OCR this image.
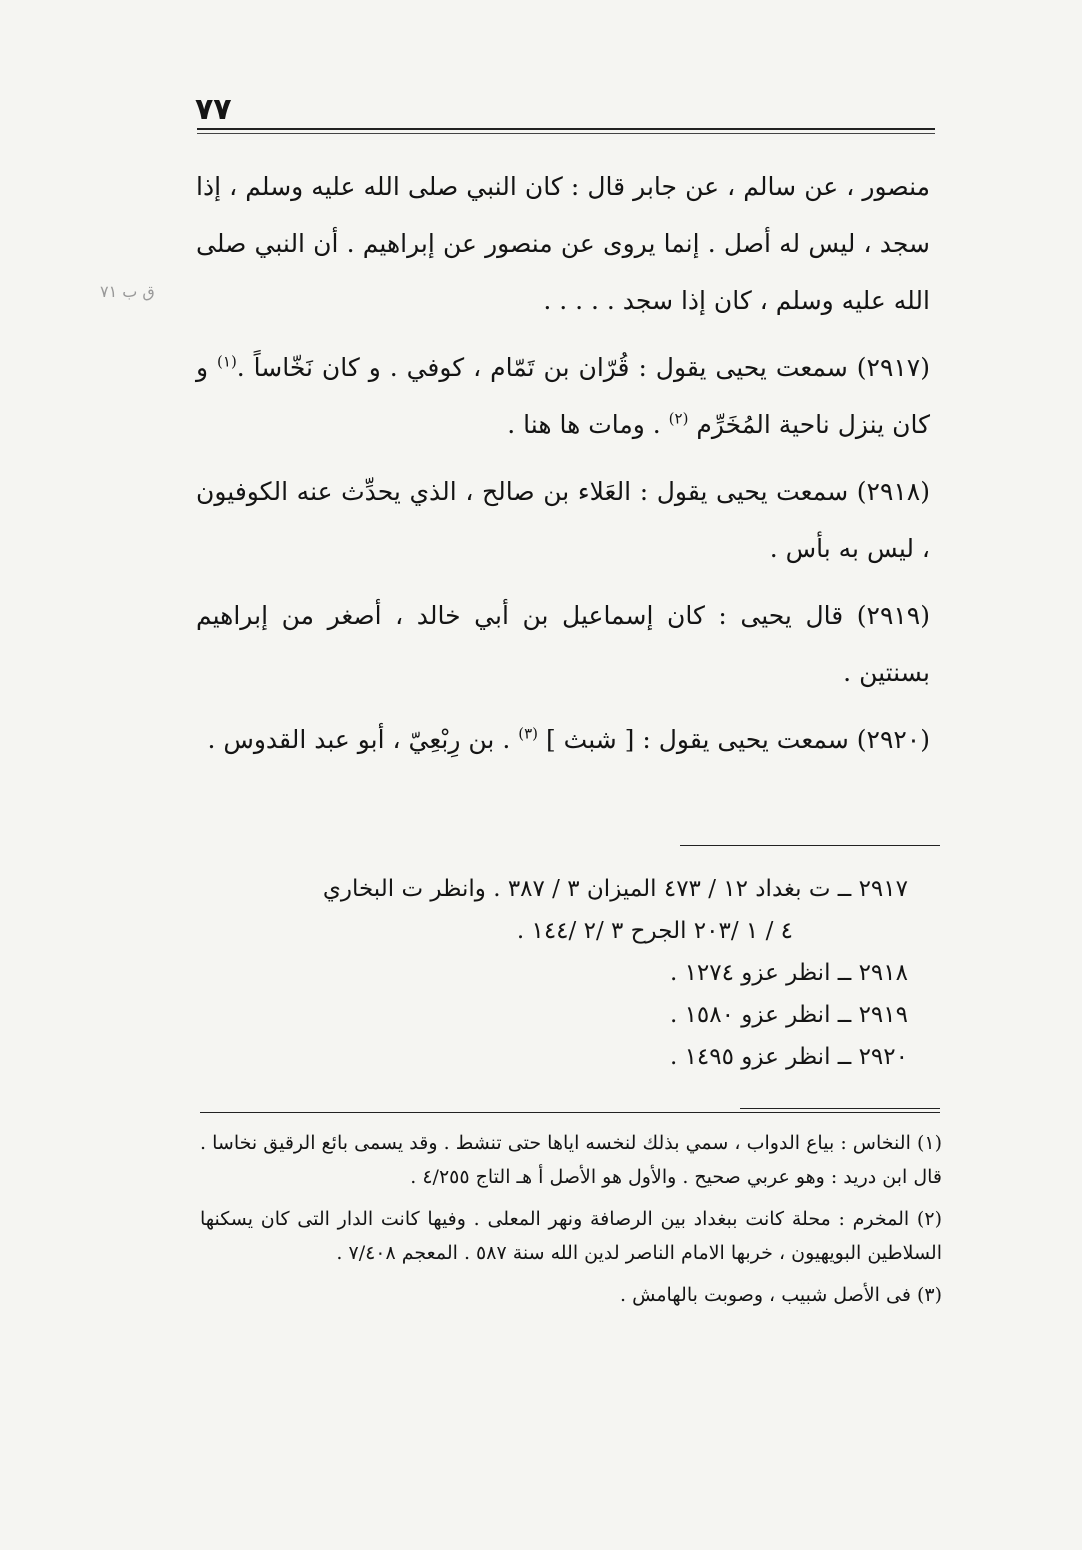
٧٧
ق ب ٧١

منصور ، عن سالم ، عن جابر قال : كان النبي صلى الله عليه وسلم ، إذا سجد ، ليس له أصل . إنما يروى عن منصور عن إبراهيم . أن النبي صلى الله عليه وسلم ، كان إذا سجد . . . . .

(٢٩١٧) سمعت يحيى يقول : قُرّان بن تَمّام ، كوفي . و كان نَخّاساً .$^{(١)}$ و كان ينزل ناحية المُخَرِّم $^{(٢)}$ . ومات ها هنا .

(٢٩١٨) سمعت يحيى يقول : العَلاء بن صالح ، الذي يحدِّث عنه الكوفيون ، ليس به بأس .

(٢٩١٩) قال يحيى : كان إسماعيل بن أبي خالد ، أصغر من إبراهيم بسنتين .

(٢٩٢٠) سمعت يحيى يقول : [ شبث ] $^{(٣)}$ . بن رِبْعِيّ ، أبو عبد القدوس .

٢٩١٧ ــ ت بغداد ١٢ / ٤٧٣ الميزان ٣ / ٣٨٧ . وانظر ت البخاري
٤ / ١ /٢٠٣ الجرح ٣ /٢ /١٤٤ .
٢٩١٨ ــ انظر عزو ١٢٧٤ .
٢٩١٩ ــ انظر عزو ١٥٨٠ .
٢٩٢٠ ــ انظر عزو ١٤٩٥ .

(١) النخاس : بياع الدواب ، سمي بذلك لنخسه اياها حتى تنشط . وقد يسمى بائع الرقيق نخاسا . قال ابن دريد : وهو عربي صحيح . والأول هو الأصل أ هـ التاج ٤/٢٥٥ .

(٢) المخرم : محلة كانت ببغداد بين الرصافة ونهر المعلى . وفيها كانت الدار التى كان يسكنها السلاطين البويهيون ، خربها الامام الناصر لدين الله سنة ٥٨٧ . المعجم ٧/٤٠٨ .

(٣) فى الأصل شبيب ، وصوبت بالهامش .
